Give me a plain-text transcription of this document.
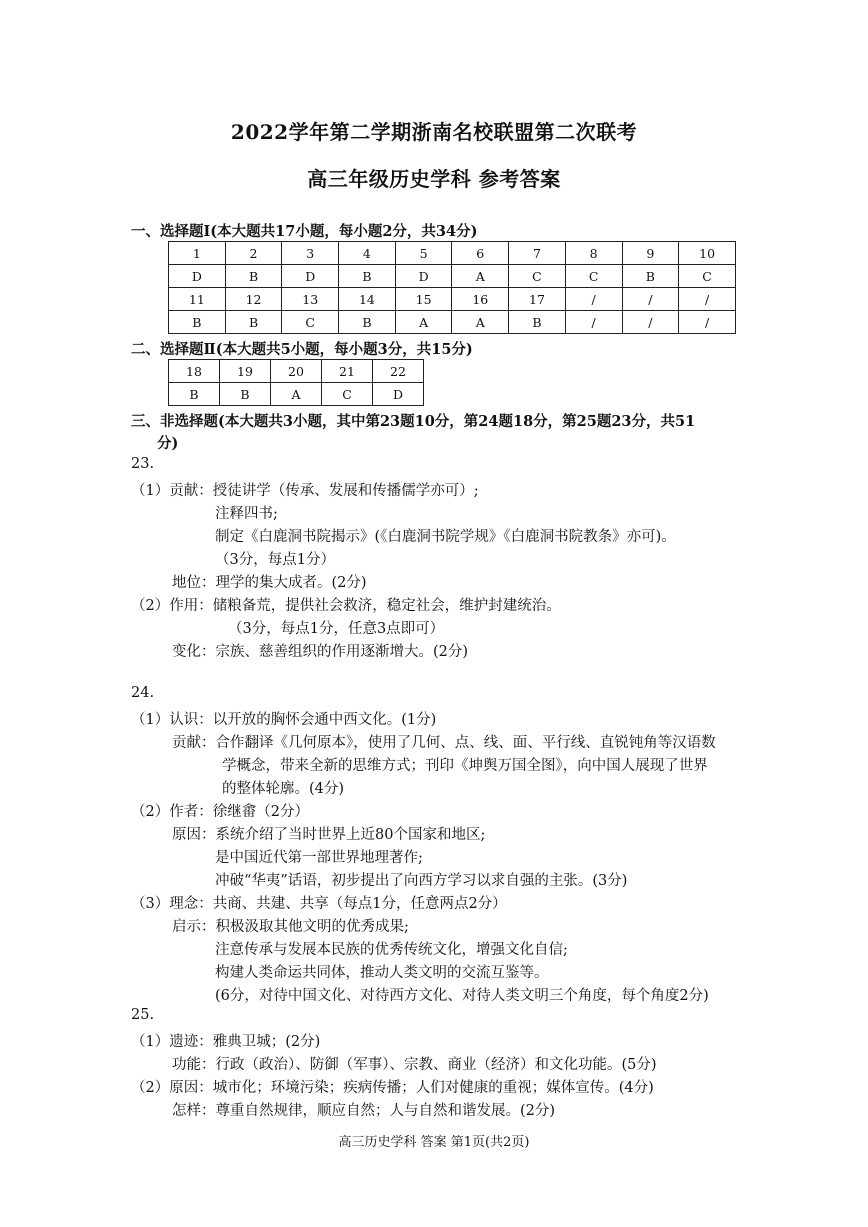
2022学年第二学期浙南名校联盟第二次联考
高三年级历史学科 参考答案
一、选择题Ⅰ(本大题共17小题，每小题2分，共34分)
1	2	3	4	5	6	7	8	9	10
D	B	D	B	D	A	C	C	B	C
11	12	13	14	15	16	17	/	/	/
B	B	C	B	A	A	B	/	/	/
二、选择题Ⅱ(本大题共5小题，每小题3分，共15分)
18	19	20	21	22
B	B	A	C	D
三、非选择题(本大题共3小题，其中第23题10分，第24题18分，第25题23分，共51
分)
23.
（1）贡献：授徒讲学（传承、发展和传播儒学亦可）;
注释四书;
制定《白鹿洞书院揭示》(《白鹿洞书院学规》《白鹿洞书院教条》亦可)。
（3分，每点1分）
地位：理学的集大成者。(2分)
（2）作用：储粮备荒，提供社会救济，稳定社会，维护封建统治。
（3分，每点1分，任意3点即可）
变化：宗族、慈善组织的作用逐渐增大。(2分)
24.
（1）认识：以开放的胸怀会通中西文化。(1分)
贡献：合作翻译《几何原本》，使用了几何、点、线、面、平行线、直锐钝角等汉语数
学概念，带来全新的思维方式；刊印《坤舆万国全图》，向中国人展现了世界
的整体轮廓。(4分)
（2）作者：徐继畬（2分）
原因：系统介绍了当时世界上近80个国家和地区;
是中国近代第一部世界地理著作;
冲破“华夷”话语，初步提出了向西方学习以求自强的主张。(3分)
（3）理念：共商、共建、共享（每点1分，任意两点2分）
启示：积极汲取其他文明的优秀成果;
注意传承与发展本民族的优秀传统文化，增强文化自信;
构建人类命运共同体，推动人类文明的交流互鉴等。
(6分，对待中国文化、对待西方文化、对待人类文明三个角度，每个角度2分)
25.
（1）遗迹：雅典卫城；(2分)
功能：行政（政治）、防御（军事）、宗教、商业（经济）和文化功能。(5分)
（2）原因：城市化；环境污染；疾病传播；人们对健康的重视；媒体宣传。(4分)
怎样：尊重自然规律，顺应自然；人与自然和谐发展。(2分)
高三历史学科 答案 第1页(共2页)
